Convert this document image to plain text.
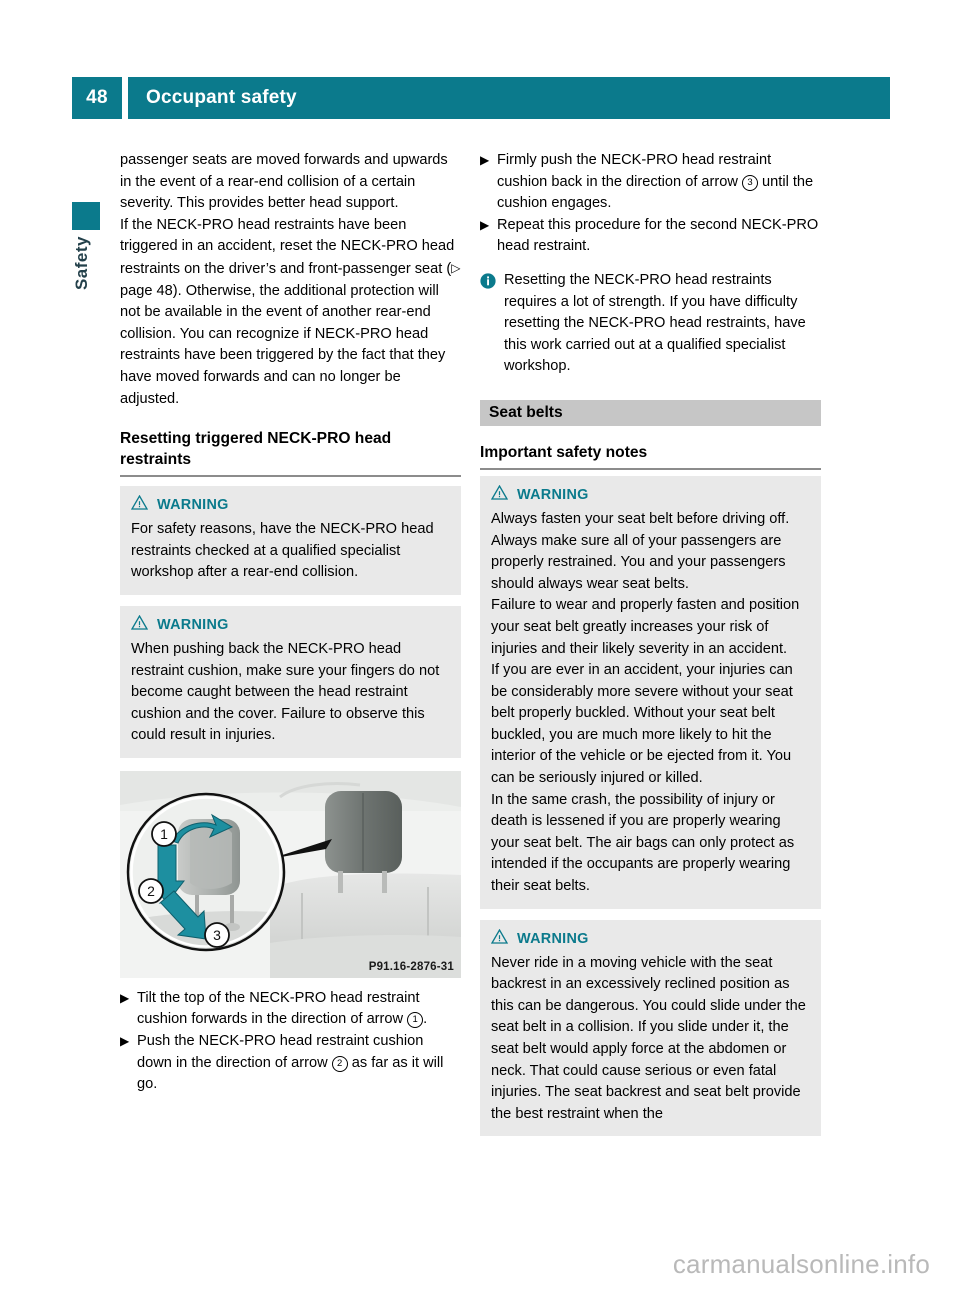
48	Occupant safety
Safety

passenger seats are moved forwards and upwards in the event of a rear-end collision of a certain severity. This provides better head support.

If the NECK-PRO head restraints have been triggered in an accident, reset the NECK-PRO head restraints on the driver’s and front-passenger seat (▷ page 48). Otherwise, the additional protection will not be available in the event of another rear-end collision. You can recognize if NECK-PRO head restraints have been triggered by the fact that they have moved forwards and can no longer be adjusted.

Resetting triggered NECK-PRO head restraints
WARNING

For safety reasons, have the NECK-PRO head restraints checked at a qualified specialist workshop after a rear-end collision.

WARNING

When pushing back the NECK-PRO head restraint cushion, make sure your fingers do not become caught between the head restraint cushion and the cover. Failure to observe this could result in injuries.

1
2
3
P91.16-2876-31
▶ Tilt the top of the NECK-PRO head restraint cushion forwards in the direction of arrow 1 .
▶ Push the NECK-PRO head restraint cushion down in the direction of arrow 2 as far as it will go.
▶ Firmly push the NECK-PRO head restraint cushion back in the direction of arrow 3 until the cushion engages.
▶ Repeat this procedure for the second NECK-PRO head restraint.
Resetting the NECK-PRO head restraints requires a lot of strength. If you have difficulty resetting the NECK-PRO head restraints, have this work carried out at a qualified specialist workshop.
Seat belts
Important safety notes
WARNING

Always fasten your seat belt before driving off. Always make sure all of your passengers are properly restrained. You and your passengers should always wear seat belts.

Failure to wear and properly fasten and position your seat belt greatly increases your risk of injuries and their likely severity in an accident.

If you are ever in an accident, your injuries can be considerably more severe without your seat belt properly buckled. Without your seat belt buckled, you are much more likely to hit the interior of the vehicle or be ejected from it. You can be seriously injured or killed.

In the same crash, the possibility of injury or death is lessened if you are properly wearing your seat belt. The air bags can only protect as intended if the occupants are properly wearing their seat belts.

WARNING

Never ride in a moving vehicle with the seat backrest in an excessively reclined position as this can be dangerous. You could slide under the seat belt in a collision. If you slide under it, the seat belt would apply force at the abdomen or neck. That could cause serious or even fatal injuries. The seat backrest and seat belt provide the best restraint when the

carmanualsonline.info
